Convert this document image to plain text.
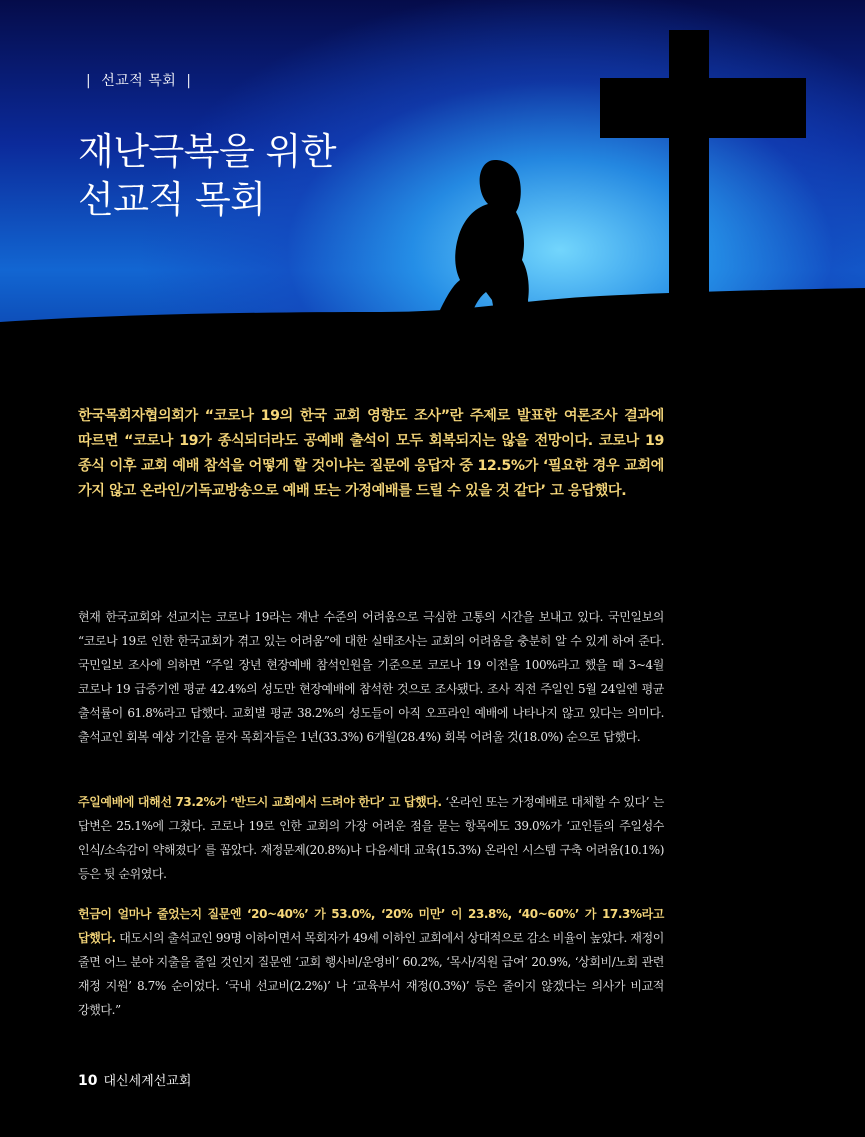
| 선교적 목회 |
재난극복을 위한
선교적 목회
한국목회자협의회가 “코로나 19의 한국 교회 영향도 조사”란 주제로 발표한 여론조사 결과에 따르면 “코로나 19가 종식되더라도 공예배 출석이 모두 회복되지는 않을 전망이다. 코로나 19 종식 이후 교회 예배 참석을 어떻게 할 것이냐는 질문에 응답자 중 12.5%가 ‘필요한 경우 교회에 가지 않고 온라인/기독교방송으로 예배 또는 가정예배를 드릴 수 있을 것 같다’ 고 응답했다.
현재 한국교회와 선교지는 코로나 19라는 재난 수준의 어려움으로 극심한 고통의 시간을 보내고 있다. 국민일보의 “코로나 19로 인한 한국교회가 겪고 있는 어려움”에 대한 실태조사는 교회의 어려움을 충분히 알 수 있게 하여 준다. 국민일보 조사에 의하면 “주일 장년 현장예배 참석인원을 기준으로 코로나 19 이전을 100%라고 했을 때 3~4월 코로나 19 급증기엔 평균 42.4%의 성도만 현장예배에 참석한 것으로 조사됐다. 조사 직전 주일인 5월 24일엔 평균 출석률이 61.8%라고 답했다. 교회별 평균 38.2%의 성도들이 아직 오프라인 예배에 나타나지 않고 있다는 의미다. 출석교인 회복 예상 기간을 묻자 목회자들은 1년(33.3%) 6개월(28.4%) 회복 어려울 것(18.0%) 순으로 답했다.
주일예배에 대해선 73.2%가 ‘반드시 교회에서 드려야 한다’ 고 답했다. ‘온라인 또는 가정예배로 대체할 수 있다’ 는 답변은 25.1%에 그쳤다. 코로나 19로 인한 교회의 가장 어려운 점을 묻는 항목에도 39.0%가 ‘교인들의 주일성수 인식/소속감이 약해졌다’ 를 꼽았다. 재정문제(20.8%)나 다음세대 교육(15.3%) 온라인 시스템 구축 어려움(10.1%) 등은 뒷 순위였다.
헌금이 얼마나 줄었는지 질문엔 ‘20~40%’ 가 53.0%, ‘20% 미만’ 이 23.8%, ‘40~60%’ 가 17.3%라고 답했다. 대도시의 출석교인 99명 이하이면서 목회자가 49세 이하인 교회에서 상대적으로 감소 비율이 높았다. 재정이 줄면 어느 분야 지출을 줄일 것인지 질문엔 ‘교회 행사비/운영비’ 60.2%, ‘목사/직원 급여’ 20.9%, ‘상회비/노회 관련 재정 지원’ 8.7% 순이었다. ‘국내 선교비(2.2%)’ 나 ‘교육부서 재정(0.3%)’ 등은 줄이지 않겠다는 의사가 비교적 강했다.”
10 대신세계선교회
